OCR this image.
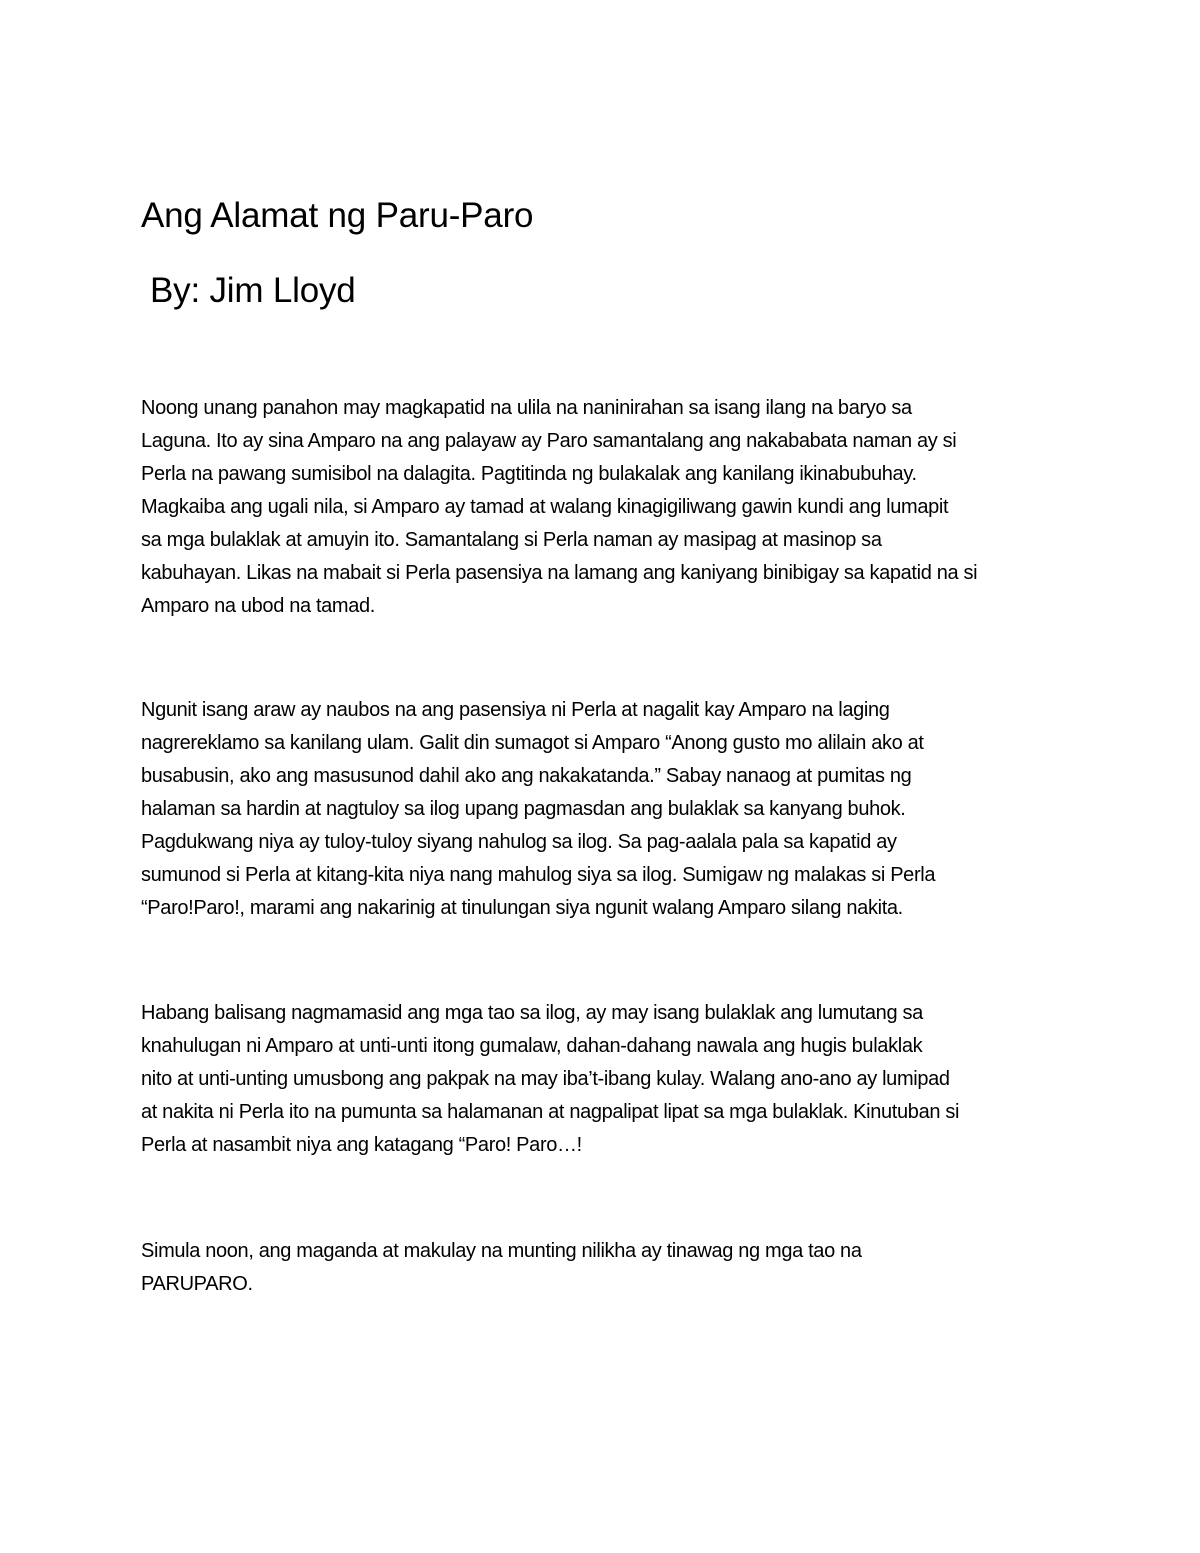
Ang Alamat ng Paru-Paro
By: Jim Lloyd

Noong unang panahon may magkapatid na ulila na naninirahan sa isang ilang na baryo sa
Laguna. Ito ay sina Amparo na ang palayaw ay Paro samantalang ang nakababata naman ay si
Perla na pawang sumisibol na dalagita. Pagtitinda ng bulakalak ang kanilang ikinabubuhay.
Magkaiba ang ugali nila, si Amparo ay tamad at walang kinagigiliwang gawin kundi ang lumapit
sa mga bulaklak at amuyin ito. Samantalang si Perla naman ay masipag at masinop sa
kabuhayan. Likas na mabait si Perla pasensiya na lamang ang kaniyang binibigay sa kapatid na si
Amparo na ubod na tamad.

Ngunit isang araw ay naubos na ang pasensiya ni Perla at nagalit kay Amparo na laging
nagrereklamo sa kanilang ulam. Galit din sumagot si Amparo “Anong gusto mo alilain ako at
busabusin, ako ang masusunod dahil ako ang nakakatanda.” Sabay nanaog at pumitas ng
halaman sa hardin at nagtuloy sa ilog upang pagmasdan ang bulaklak sa kanyang buhok.
Pagdukwang niya ay tuloy-tuloy siyang nahulog sa ilog. Sa pag-aalala pala sa kapatid ay
sumunod si Perla at kitang-kita niya nang mahulog siya sa ilog. Sumigaw ng malakas si Perla
“Paro!Paro!, marami ang nakarinig at tinulungan siya ngunit walang Amparo silang nakita.

Habang balisang nagmamasid ang mga tao sa ilog, ay may isang bulaklak ang lumutang sa
knahulugan ni Amparo at unti-unti itong gumalaw, dahan-dahang nawala ang hugis bulaklak
nito at unti-unting umusbong ang pakpak na may iba’t-ibang kulay. Walang ano-ano ay lumipad
at nakita ni Perla ito na pumunta sa halamanan at nagpalipat lipat sa mga bulaklak. Kinutuban si
Perla at nasambit niya ang katagang “Paro! Paro…!

Simula noon, ang maganda at makulay na munting nilikha ay tinawag ng mga tao na
PARUPARO.
